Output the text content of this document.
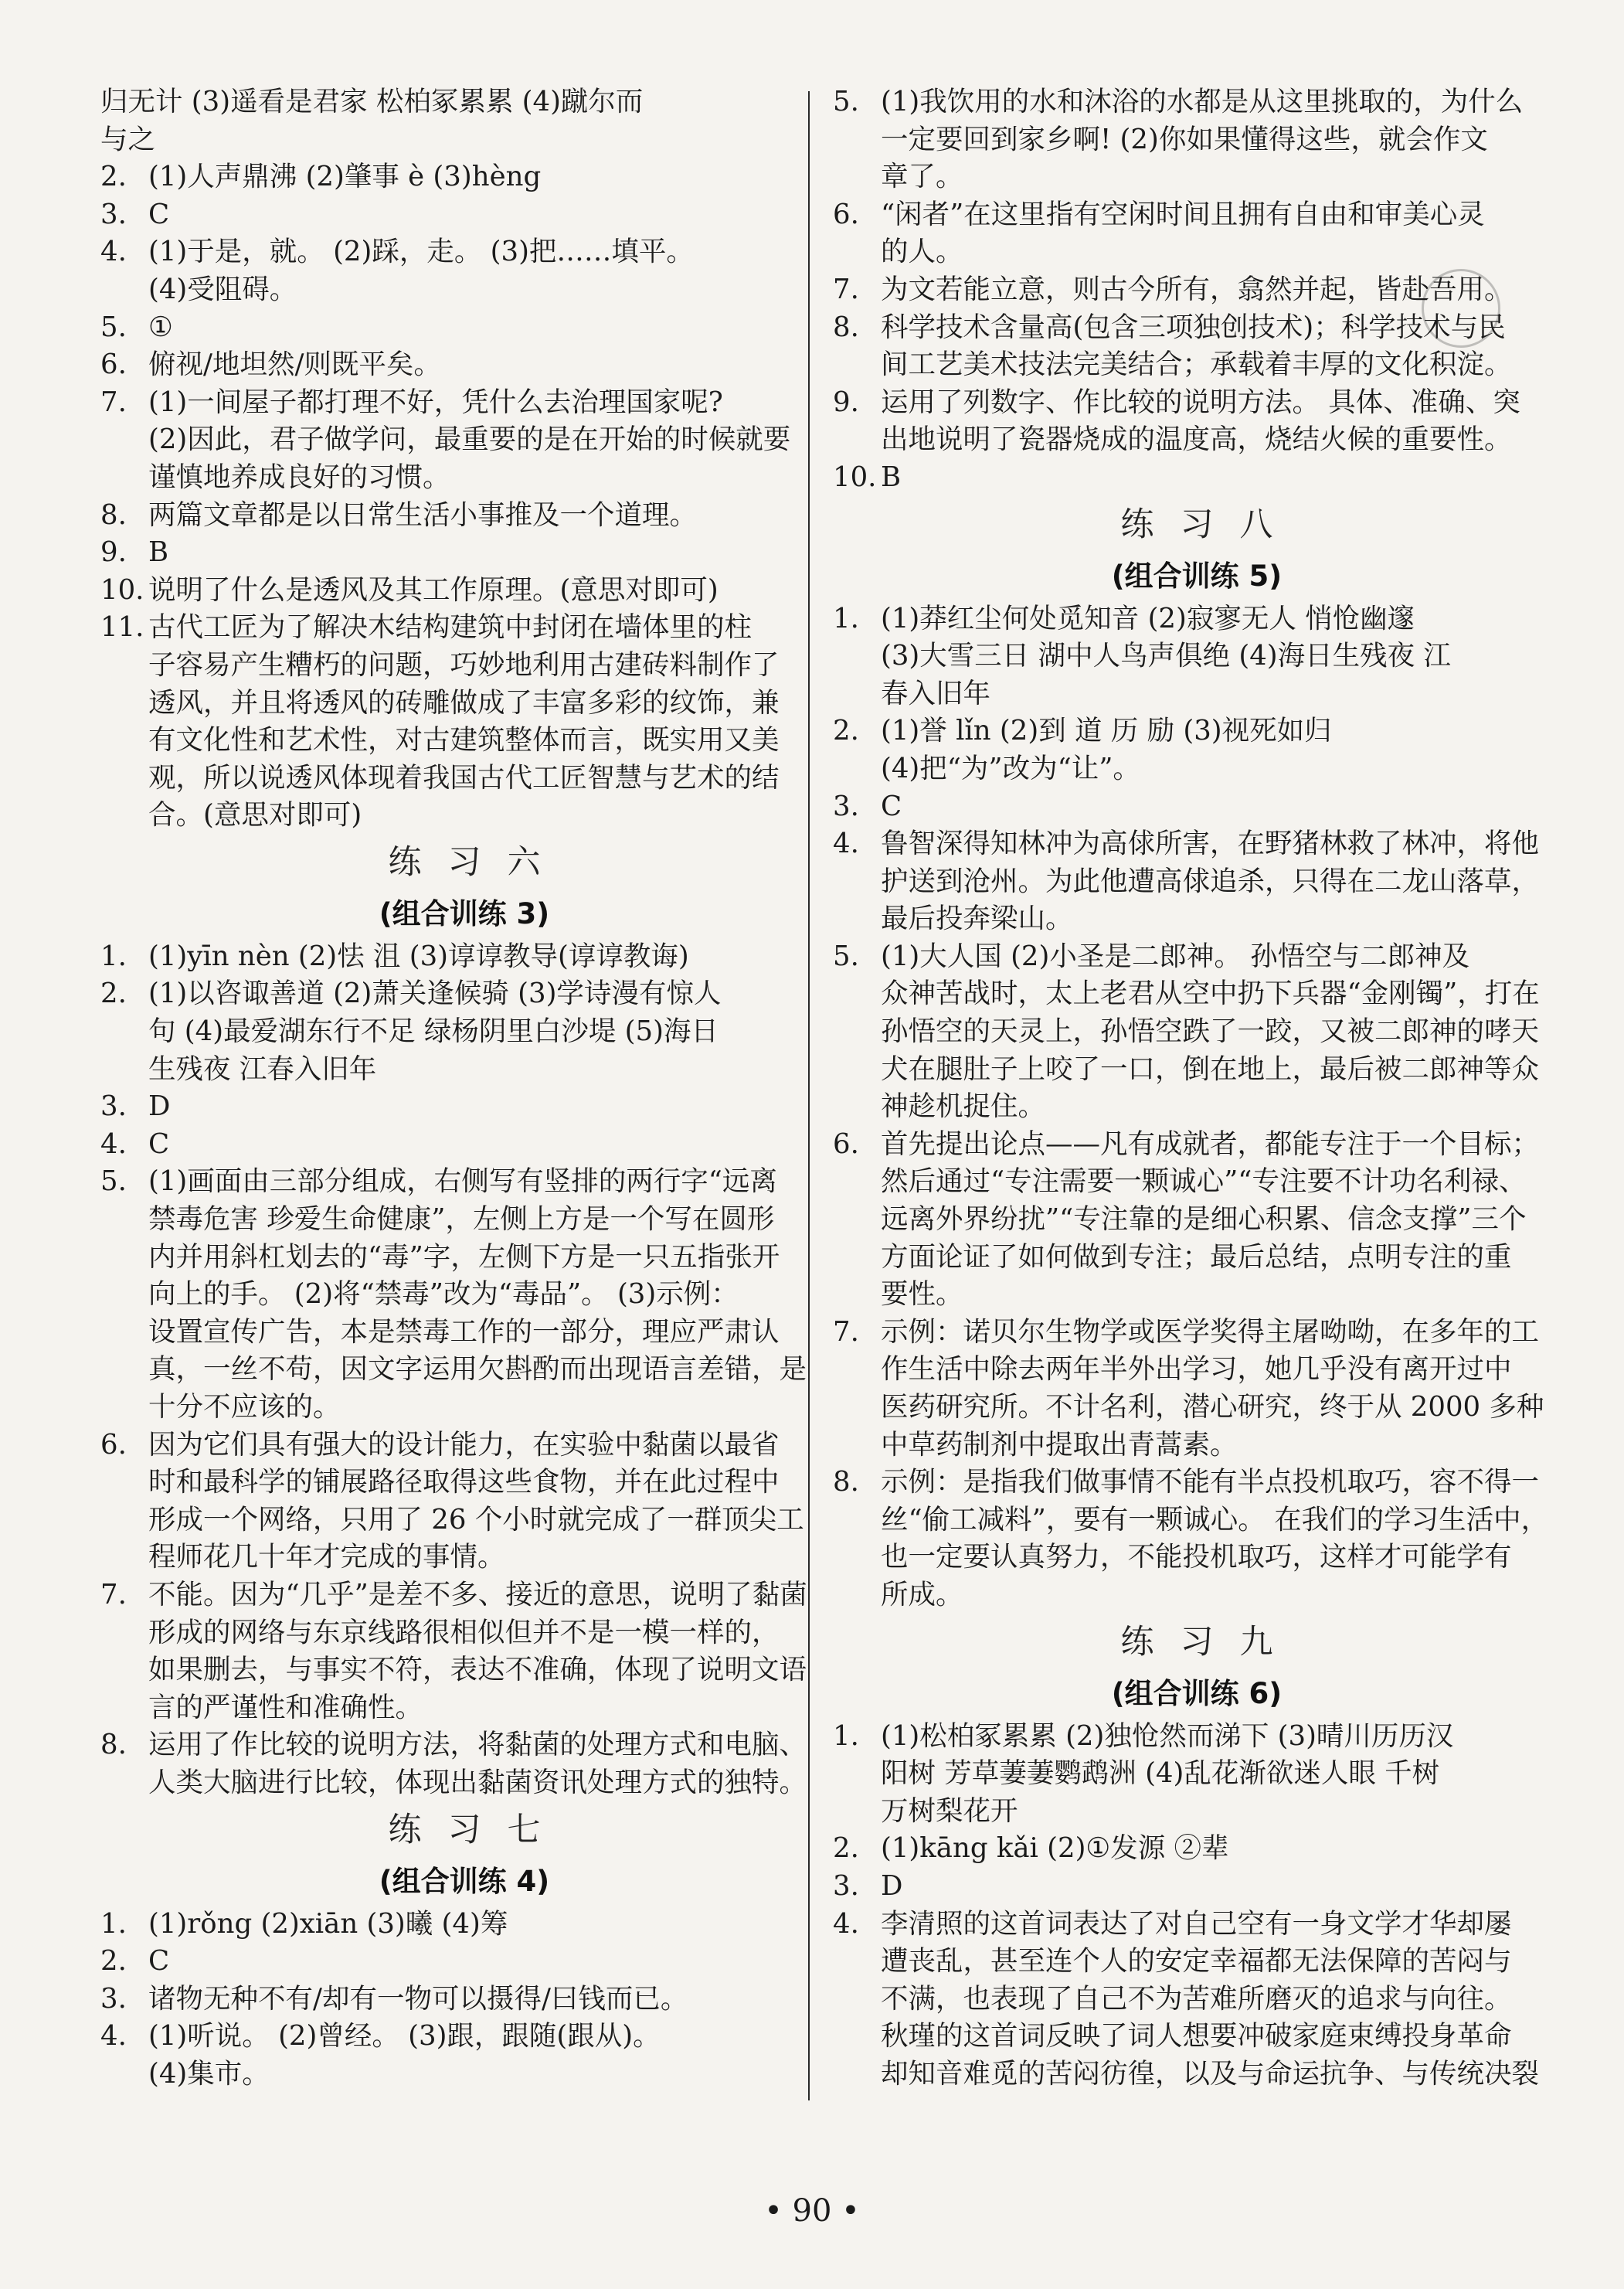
归无计 (3)遥看是君家 松柏冢累累 (4)蹴尔而
与之
2. (1)人声鼎沸 (2)肇事 è (3)hèng
3. C
4. (1)于是，就。 (2)踩，走。 (3)把……填平。
(4)受阻碍。
5. ①
6. 俯视/地坦然/则既平矣。
7. (1)一间屋子都打理不好，凭什么去治理国家呢?
(2)因此，君子做学问，最重要的是在开始的时候就要
谨慎地养成良好的习惯。
8. 两篇文章都是以日常生活小事推及一个道理。
9. B
10. 说明了什么是透风及其工作原理。(意思对即可)
11. 古代工匠为了解决木结构建筑中封闭在墙体里的柱
子容易产生糟朽的问题，巧妙地利用古建砖料制作了
透风，并且将透风的砖雕做成了丰富多彩的纹饰，兼
有文化性和艺术性，对古建筑整体而言，既实用又美
观，所以说透风体现着我国古代工匠智慧与艺术的结
合。(意思对即可)
练习六
(组合训练 3)
1. (1)yīn nèn (2)怯 沮 (3)谆谆教导(谆谆教诲)
2. (1)以咨诹善道 (2)萧关逢候骑 (3)学诗漫有惊人
句 (4)最爱湖东行不足 绿杨阴里白沙堤 (5)海日
生残夜 江春入旧年
3. D
4. C
5. (1)画面由三部分组成，右侧写有竖排的两行字“远离
禁毒危害 珍爱生命健康”，左侧上方是一个写在圆形
内并用斜杠划去的“毒”字，左侧下方是一只五指张开
向上的手。 (2)将“禁毒”改为“毒品”。 (3)示例：
设置宣传广告，本是禁毒工作的一部分，理应严肃认
真，一丝不苟，因文字运用欠斟酌而出现语言差错，是
十分不应该的。
6. 因为它们具有强大的设计能力，在实验中黏菌以最省
时和最科学的铺展路径取得这些食物，并在此过程中
形成一个网络，只用了 26 个小时就完成了一群顶尖工
程师花几十年才完成的事情。
7. 不能。因为“几乎”是差不多、接近的意思，说明了黏菌
形成的网络与东京线路很相似但并不是一模一样的，
如果删去，与事实不符，表达不准确，体现了说明文语
言的严谨性和准确性。
8. 运用了作比较的说明方法，将黏菌的处理方式和电脑、
人类大脑进行比较，体现出黏菌资讯处理方式的独特。
练习七
(组合训练 4)
1. (1)rǒng (2)xiān (3)曦 (4)筹
2. C
3. 诸物无种不有/却有一物可以摄得/曰钱而已。
4. (1)听说。 (2)曾经。 (3)跟，跟随(跟从)。
(4)集市。
5. (1)我饮用的水和沐浴的水都是从这里挑取的，为什么
一定要回到家乡啊! (2)你如果懂得这些，就会作文
章了。
6. “闲者”在这里指有空闲时间且拥有自由和审美心灵
的人。
7. 为文若能立意，则古今所有，翕然并起，皆赴吾用。
8. 科学技术含量高(包含三项独创技术)；科学技术与民
间工艺美术技法完美结合；承载着丰厚的文化积淀。
9. 运用了列数字、作比较的说明方法。 具体、准确、突
出地说明了瓷器烧成的温度高，烧结火候的重要性。
10. B
练习八
(组合训练 5)
1. (1)莽红尘何处觅知音 (2)寂寥无人 悄怆幽邃
(3)大雪三日 湖中人鸟声俱绝 (4)海日生残夜 江
春入旧年
2. (1)誉 lǐn (2)到 道 历 励 (3)视死如归
(4)把“为”改为“让”。
3. C
4. 鲁智深得知林冲为高俅所害，在野猪林救了林冲，将他
护送到沧州。为此他遭高俅追杀，只得在二龙山落草，
最后投奔梁山。
5. (1)大人国 (2)小圣是二郎神。 孙悟空与二郎神及
众神苦战时，太上老君从空中扔下兵器“金刚镯”，打在
孙悟空的天灵上，孙悟空跌了一跤，又被二郎神的哮天
犬在腿肚子上咬了一口，倒在地上，最后被二郎神等众
神趁机捉住。
6. 首先提出论点——凡有成就者，都能专注于一个目标；
然后通过“专注需要一颗诚心”“专注要不计功名利禄、
远离外界纷扰”“专注靠的是细心积累、信念支撑”三个
方面论证了如何做到专注；最后总结，点明专注的重
要性。
7. 示例：诺贝尔生物学或医学奖得主屠呦呦，在多年的工
作生活中除去两年半外出学习，她几乎没有离开过中
医药研究所。不计名利，潜心研究，终于从 2000 多种
中草药制剂中提取出青蒿素。
8. 示例：是指我们做事情不能有半点投机取巧，容不得一
丝“偷工减料”，要有一颗诚心。 在我们的学习生活中，
也一定要认真努力，不能投机取巧，这样才可能学有
所成。
练习九
(组合训练 6)
1. (1)松柏冢累累 (2)独怆然而涕下 (3)晴川历历汉
阳树 芳草萋萋鹦鹉洲 (4)乱花渐欲迷人眼 千树
万树梨花开
2. (1)kāng kǎi (2)①发源 ②辈
3. D
4. 李清照的这首词表达了对自己空有一身文学才华却屡
遭丧乱，甚至连个人的安定幸福都无法保障的苦闷与
不满，也表现了自己不为苦难所磨灭的追求与向往。
秋瑾的这首词反映了词人想要冲破家庭束缚投身革命
却知音难觅的苦闷彷徨，以及与命运抗争、与传统决裂
• 90 •
